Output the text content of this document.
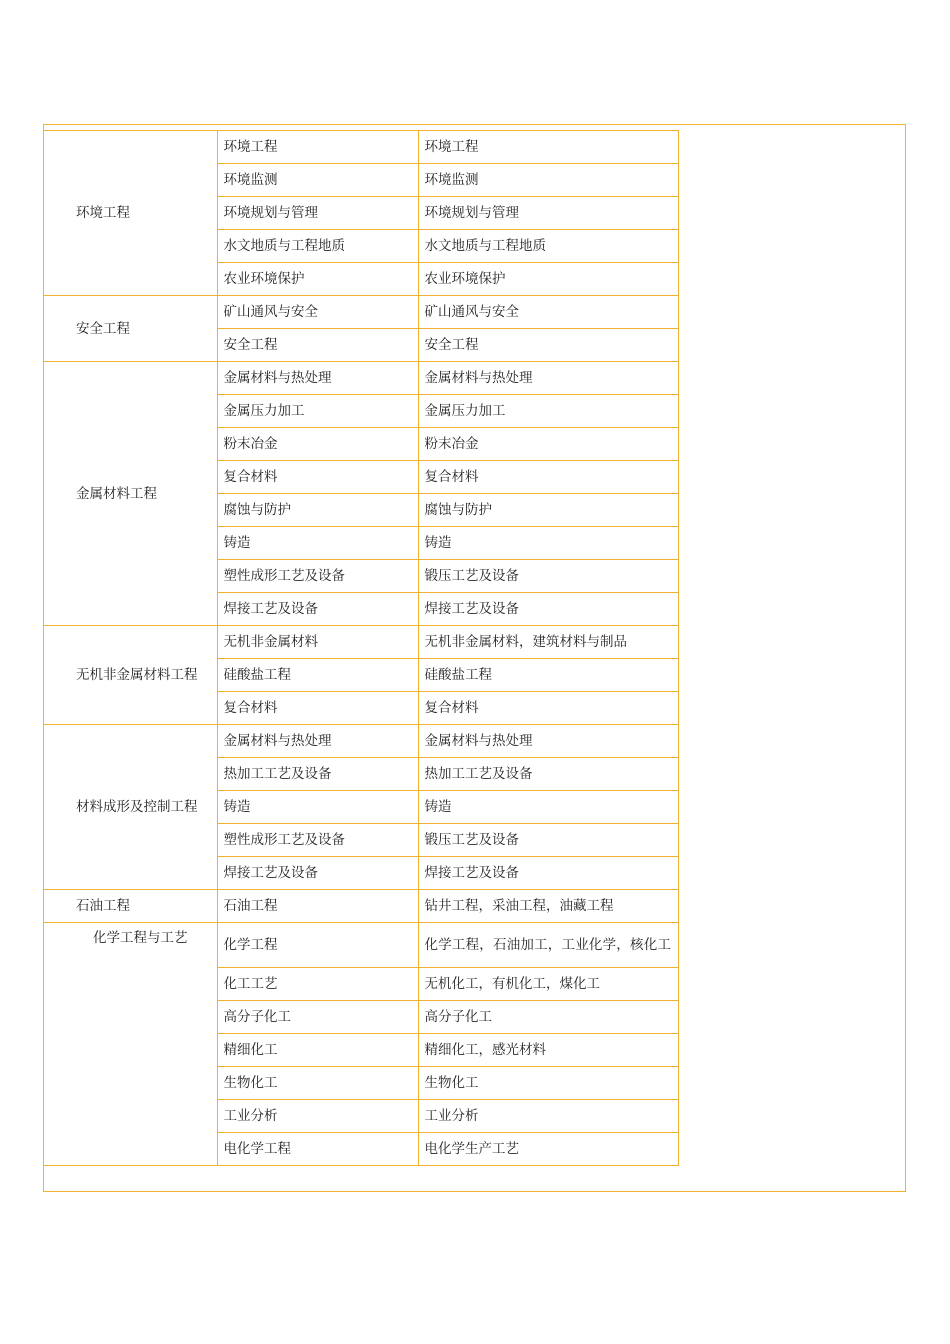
环境工程	环境工程	环境工程
	环境监测	环境监测
	环境规划与管理	环境规划与管理
	水文地质与工程地质	水文地质与工程地质
	农业环境保护	农业环境保护
安全工程	矿山通风与安全	矿山通风与安全
	安全工程	安全工程
金属材料工程	金属材料与热处理	金属材料与热处理
	金属压力加工	金属压力加工
	粉末冶金	粉末冶金
	复合材料	复合材料
	腐蚀与防护	腐蚀与防护
	铸造	铸造
	塑性成形工艺及设备	锻压工艺及设备
	焊接工艺及设备	焊接工艺及设备
无机非金属材料工程	无机非金属材料	无机非金属材料，建筑材料与制品
	硅酸盐工程	硅酸盐工程
	复合材料	复合材料
材料成形及控制工程	金属材料与热处理	金属材料与热处理
	热加工工艺及设备	热加工工艺及设备
	铸造	铸造
	塑性成形工艺及设备	锻压工艺及设备
	焊接工艺及设备	焊接工艺及设备
石油工程	石油工程	钻井工程，采油工程，油藏工程
化学工程与工艺	化学工程	化学工程，石油加工，工业化学，核化工
	化工工艺	无机化工，有机化工，煤化工
	高分子化工	高分子化工
	精细化工	精细化工，感光材料
	生物化工	生物化工
	工业分析	工业分析
	电化学工程	电化学生产工艺
